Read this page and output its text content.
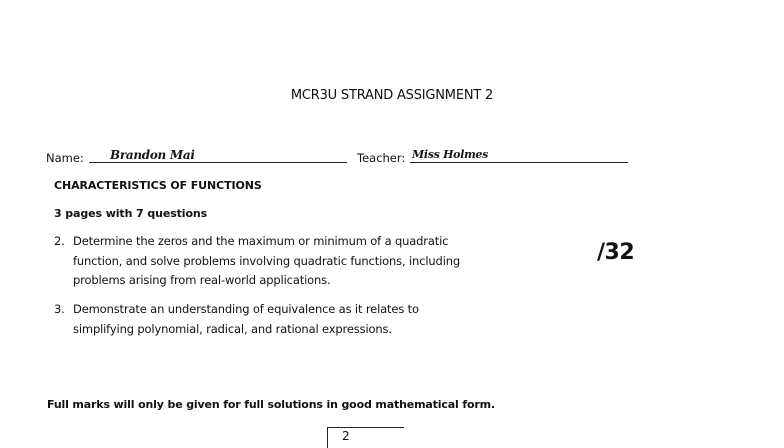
MCR3U STRAND ASSIGNMENT 2
Name: Brandon Mai	Teacher: Miss Holmes
CHARACTERISTICS OF FUNCTIONS
3 pages with 7 questions
2. Determine the zeros and the maximum or minimum of a quadratic
function, and solve problems involving quadratic functions, including
problems arising from real-world applications.
3. Demonstrate an understanding of equivalence as it relates to
simplifying polynomial, radical, and rational expressions.
/32
Full marks will only be given for full solutions in good mathematical form.
2
